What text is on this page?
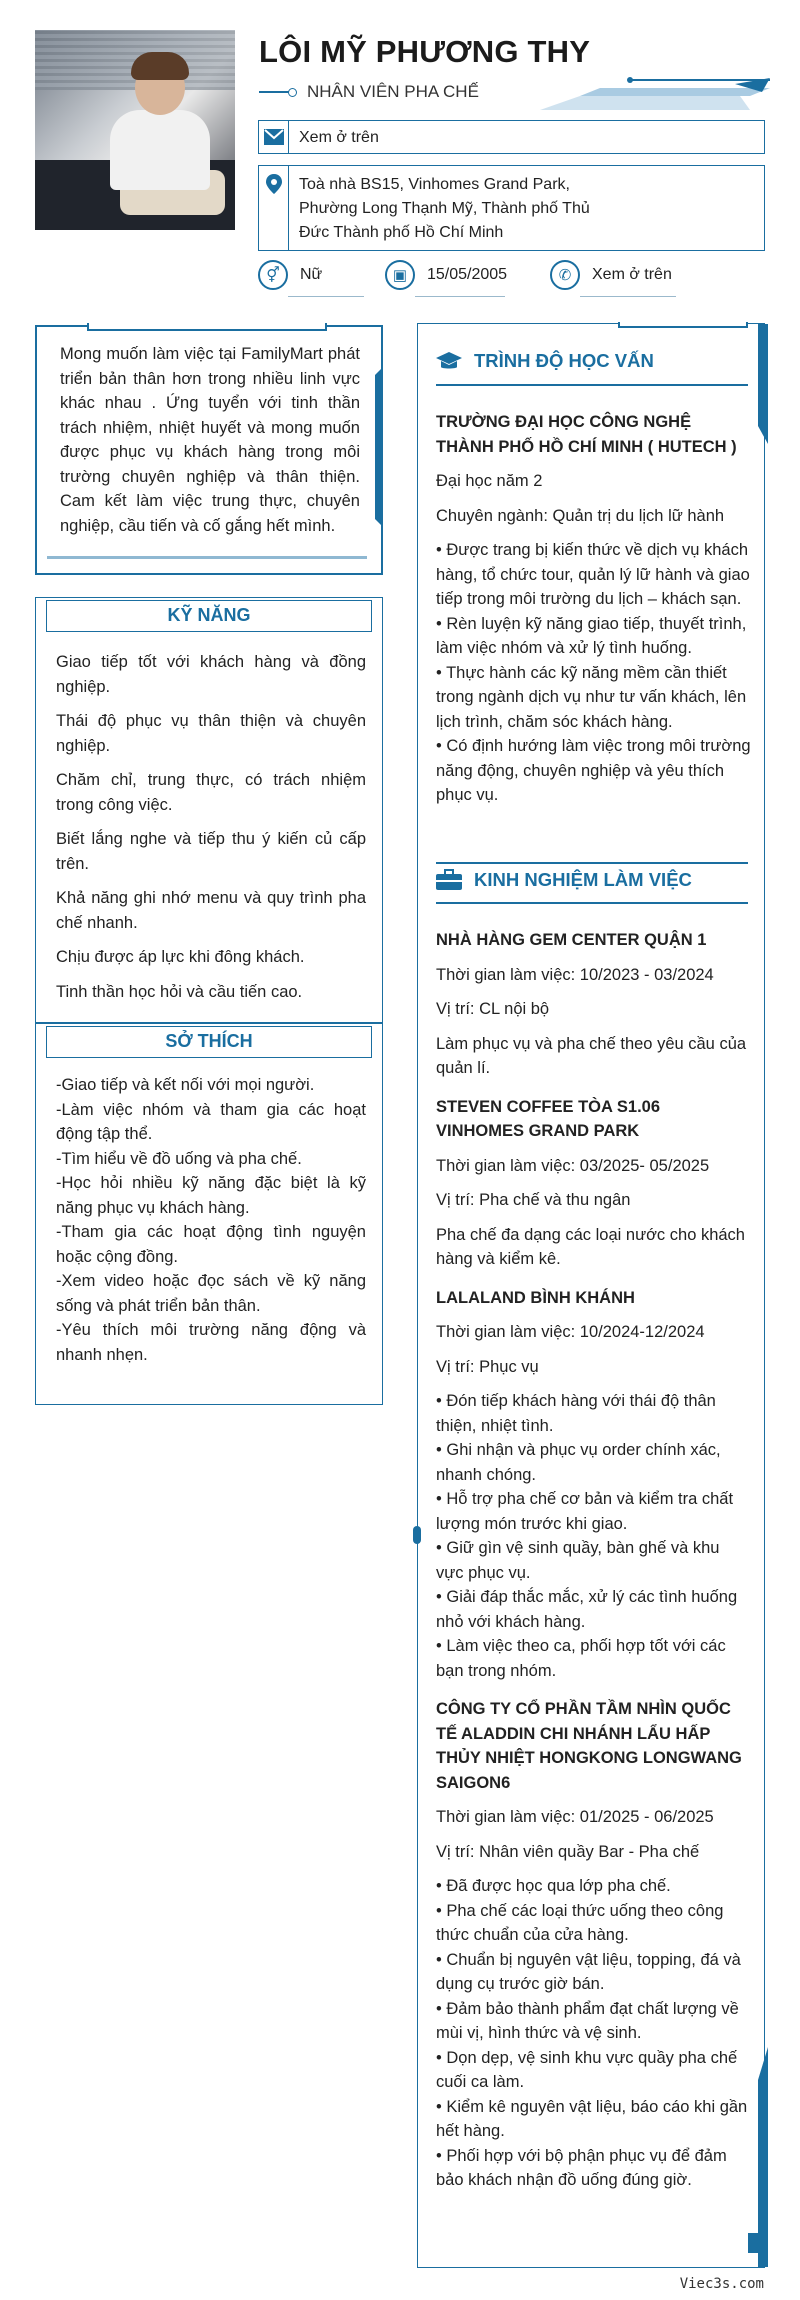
LÔI MỸ PHƯƠNG THY
NHÂN VIÊN PHA CHẾ
Xem ở trên
Toà nhà BS15, Vinhomes Grand Park,
Phường Long Thạnh Mỹ, Thành phố Thủ
Đức Thành phố Hồ Chí Minh
⚥	Nữ	▣	15/05/2005	✆	Xem ở trên

Mong muốn làm việc tại FamilyMart phát triển bản thân hơn trong nhiều linh vực khác nhau . Ứng tuyển với tinh thần trách nhiệm, nhiệt huyết và mong muốn được phục vụ khách hàng trong môi trường chuyên nghiệp và thân thiện. Cam kết làm việc trung thực, chuyên nghiệp, cầu tiến và cố gắng hết mình.

KỸ NĂNG

Giao tiếp tốt với khách hàng và đồng nghiệp.

Thái độ phục vụ thân thiện và chuyên nghiệp.

Chăm chỉ, trung thực, có trách nhiệm trong công việc.

Biết lắng nghe và tiếp thu ý kiến củ cấp trên.

Khả năng ghi nhớ menu và quy trình pha chế nhanh.

Chịu được áp lực khi đông khách.

Tinh thần học hỏi và cầu tiến cao.

SỞ THÍCH

-Giao tiếp và kết nối với mọi người.

-Làm việc nhóm và tham gia các hoạt động tập thể.

-Tìm hiểu về đồ uống và pha chế.

-Học hỏi nhiều kỹ năng đặc biệt là kỹ năng phục vụ khách hàng.

-Tham gia các hoạt động tình nguyện hoặc cộng đồng.

-Xem video hoặc đọc sách về kỹ năng sống và phát triển bản thân.

-Yêu thích môi trường năng động và nhanh nhẹn.

TRÌNH ĐỘ HỌC VẤN

TRƯỜNG ĐẠI HỌC CÔNG NGHỆ THÀNH PHỐ HỒ CHÍ MINH ( HUTECH )

Đại học năm 2

Chuyên ngành: Quản trị du lịch lữ hành

• Được trang bị kiến thức về dịch vụ khách hàng, tổ chức tour, quản lý lữ hành và giao tiếp trong môi trường du lịch – khách sạn.

• Rèn luyện kỹ năng giao tiếp, thuyết trình, làm việc nhóm và xử lý tình huống.

• Thực hành các kỹ năng mềm cần thiết trong ngành dịch vụ như tư vấn khách, lên lịch trình, chăm sóc khách hàng.

• Có định hướng làm việc trong môi trường năng động, chuyên nghiệp và yêu thích phục vụ.

KINH NGHIỆM LÀM VIỆC

NHÀ HÀNG GEM CENTER QUẬN 1

Thời gian làm việc: 10/2023 - 03/2024

Vị trí: CL nội bộ

Làm phục vụ và pha chế theo yêu cầu của quản lí.

STEVEN COFFEE TÒA S1.06 VINHOMES GRAND PARK

Thời gian làm việc: 03/2025- 05/2025

Vị trí: Pha chế và thu ngân

Pha chế đa dạng các loại nước cho khách hàng và kiểm kê.

LALALAND BÌNH KHÁNH

Thời gian làm việc: 10/2024-12/2024

Vị trí: Phục vụ

• Đón tiếp khách hàng với thái độ thân thiện, nhiệt tình.

• Ghi nhận và phục vụ order chính xác, nhanh chóng.

• Hỗ trợ pha chế cơ bản và kiểm tra chất lượng món trước khi giao.

• Giữ gìn vệ sinh quầy, bàn ghế và khu vực phục vụ.

• Giải đáp thắc mắc, xử lý các tình huống nhỏ với khách hàng.

• Làm việc theo ca, phối hợp tốt với các bạn trong nhóm.

CÔNG TY CỔ PHẦN TẦM NHÌN QUỐC TẾ ALADDIN CHI NHÁNH LẨU HẤP THỦY NHIỆT HONGKONG LONGWANG SAIGON6

Thời gian làm việc: 01/2025 - 06/2025

Vị trí: Nhân viên quầy Bar - Pha chế

• Đã được học qua lớp pha chế.

• Pha chế các loại thức uống theo công thức chuẩn của cửa hàng.

• Chuẩn bị nguyên vật liệu, topping, đá và dụng cụ trước giờ bán.

• Đảm bảo thành phẩm đạt chất lượng về mùi vị, hình thức và vệ sinh.

• Dọn dẹp, vệ sinh khu vực quầy pha chế cuối ca làm.

• Kiểm kê nguyên vật liệu, báo cáo khi gần hết hàng.

• Phối hợp với bộ phận phục vụ để đảm bảo khách nhận đồ uống đúng giờ.

Viec3s.com
